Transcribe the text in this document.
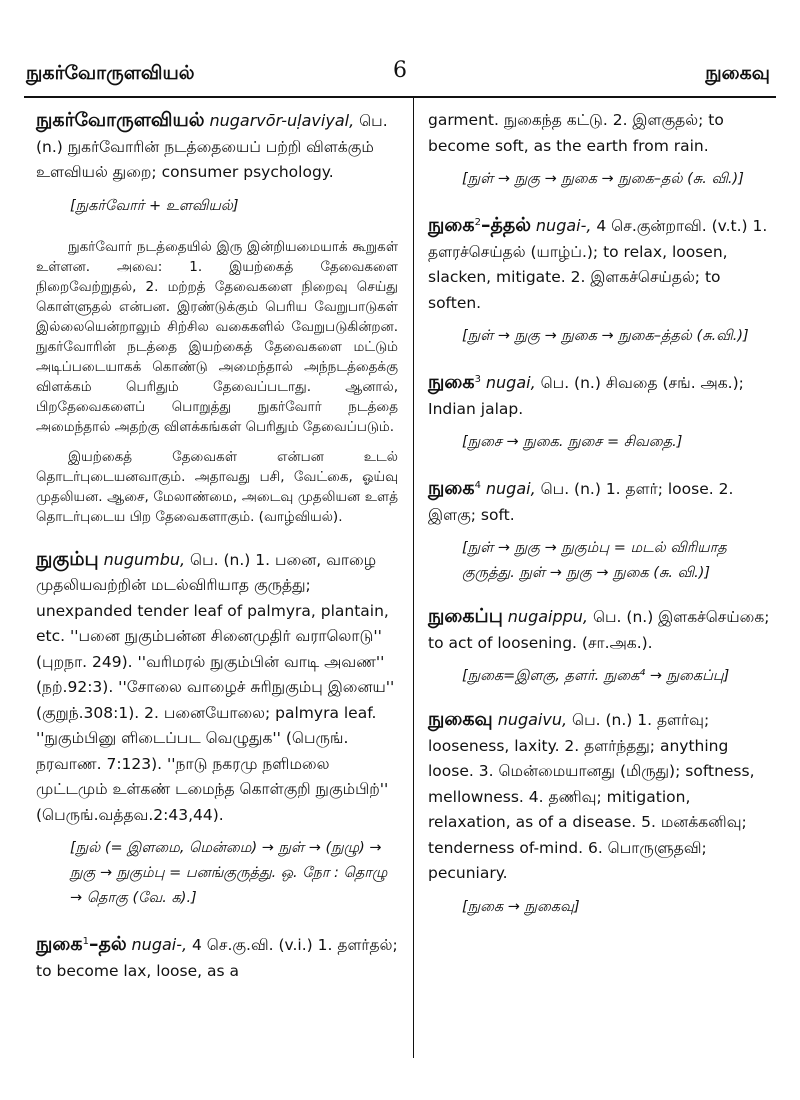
நுகர்வோருளவியல்	6	நுகைவு
நுகர்வோருளவியல் nugarvōr-uḷaviyal, பெ. (n.) நுகர்வோரின் நடத்தையைப் பற்றி விளக்கும் உளவியல் துறை; consumer psychology.
[நுகர்வோர் + உளவியல்]

நுகர்வோர் நடத்தையில் இரு இன்றியமையாக் கூறுகள் உள்ளன. அவை: 1. இயற்கைத் தேவைகளை நிறைவேற்றுதல், 2. மற்றத் தேவைகளை நிறைவு செய்து கொள்ளுதல் என்பன. இரண்டுக்கும் பெரிய வேறுபாடுகள் இல்லையென்றாலும் சிற்சில வகைகளில் வேறுபடுகின்றன. நுகர்வோரின் நடத்தை இயற்கைத் தேவைகளை மட்டும் அடிப்படையாகக் கொண்டு அமைந்தால் அந்நடத்தைக்கு விளக்கம் பெரிதும் தேவைப்படாது. ஆனால், பிறதேவைகளைப் பொறுத்து நுகர்வோர் நடத்தை அமைந்தால் அதற்கு விளக்கங்கள் பெரிதும் தேவைப்படும்.

இயற்கைத் தேவைகள் என்பன உடல் தொடர்புடையனவாகும். அதாவது பசி, வேட்கை, ஓய்வு முதலியன. ஆசை, மேலாண்மை, அடைவு முதலியன உளத் தொடர்புடைய பிற தேவைகளாகும். (வாழ்வியல்).

நுகும்பு nugumbu, பெ. (n.) 1. பனை, வாழை முதலியவற்றின் மடல்விரியாத குருத்து; unexpanded tender leaf of palmyra, plantain, etc. ''பனை நுகும்பன்ன சினைமுதிர் வராலொடு'' (புறநா. 249). ''வரிமரல் நுகும்பின் வாடி அவண'' (நற்.92:3). ''சோலை வாழைச் சுரிநுகும்பு இனைய'' (குறுந்.308:1). 2. பனையோலை; palmyra leaf. ''நுகும்பினு ளிடைப்பட வெழுதுக'' (பெருங். நரவாண. 7:123). ''நாடு நகரமு நளிமலை முட்டமும் உள்கண் டமைந்த கொள்குறி நுகும்பிற்'' (பெருங்.வத்தவ.2:43,44).
[நுல் (= இளமை, மென்மை) → நுள் → (நுழு) → நுகு → நுகும்பு = பனங்குருத்து. ஒ. நோ : தொழு → தொகு (வே. க).]
நுகை$^1$–தல் nugai-, 4 செ.கு.வி. (v.i.) 1. தளர்தல்; to become lax, loose, as a
garment. நுகைந்த கட்டு. 2. இளகுதல்; to become soft, as the earth from rain.
[நுள் → நுகு → நுகை → நுகை–தல் (சு. வி.)]
நுகை$^2$–த்தல் nugai-, 4 செ.குன்றாவி. (v.t.) 1. தளரச்செய்தல் (யாழ்ப்.); to relax, loosen, slacken, mitigate. 2. இளகச்செய்தல்; to soften.
[நுள் → நுகு → நுகை → நுகை–த்தல் (சு.வி.)]
நுகை$^3$ nugai, பெ. (n.) சிவதை (சங். அக.); Indian jalap.
[நுசை → நுகை. நுசை = சிவதை.]
நுகை$^4$ nugai, பெ. (n.) 1. தளர்; loose. 2. இளகு; soft.
[நுள் → நுகு → நுகும்பு = மடல் விரியாத குருத்து. நுள் → நுகு → நுகை (சு. வி.)]
நுகைப்பு nugaippu, பெ. (n.) இளகச்செய்கை; to act of loosening. (சா.அக.).
[நுகை=இளகு, தளர். நுகை⁴ → நுகைப்பு]
நுகைவு nugaivu, பெ. (n.) 1. தளர்வு; looseness, laxity. 2. தளர்ந்தது; anything loose. 3. மென்மையானது (மிருது); softness, mellowness. 4. தணிவு; mitigation, relaxation, as of a disease. 5. மனக்கனிவு; tenderness of-mind. 6. பொருளுதவி; pecuniary.
[நுகை → நுகைவு]
